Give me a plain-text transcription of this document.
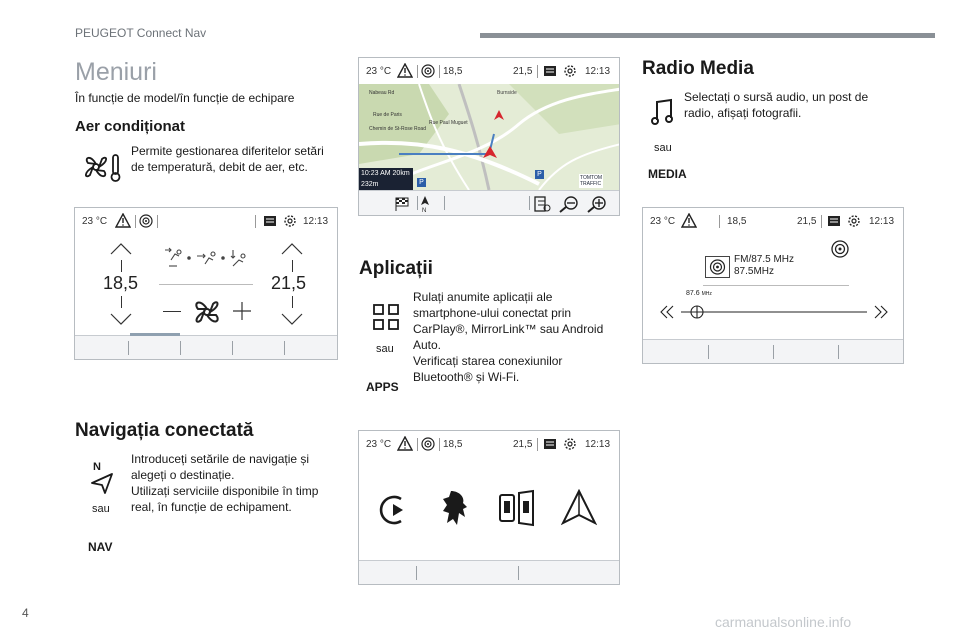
PEUGEOT Connect Nav
Meniuri
În funcție de model/în funcție de echipare
Aer condiționat
Permite gestionarea diferitelor setări
de temperatură, debit de aer, etc.
23 °C	12:13
18,5	21,5
Navigația conectată
N
Introduceți setările de navigație și
alegeți o destinație.
Utilizați serviciile disponibile în timp
real, în funcție de echipament.
sau
NAV
23 °C	18,5	21,5	12:13
10:23 AM 20km
232m	P
P	TOMTOM
TRAFFIC
Burnside
Rue Paul Muguet
Chemin de St-Rose Road
Rue de Paris
Nabeau Rd
N
Aplicații
sau
APPS
Rulați anumite aplicații ale
smartphone-ului conectat prin
CarPlay®, MirrorLink™ sau Android
Auto.
Verificați starea conexiunilor
Bluetooth® și Wi-Fi.
23 °C	18,5	21,5	12:13
Radio Media
Selectați o sursă audio, un post de
radio, afișați fotografii.
sau
MEDIA
23 °C	18,5	21,5	12:13
FM/87.5 MHz
87.5MHz
87.6 MHz
4
carmanualsonline.info
